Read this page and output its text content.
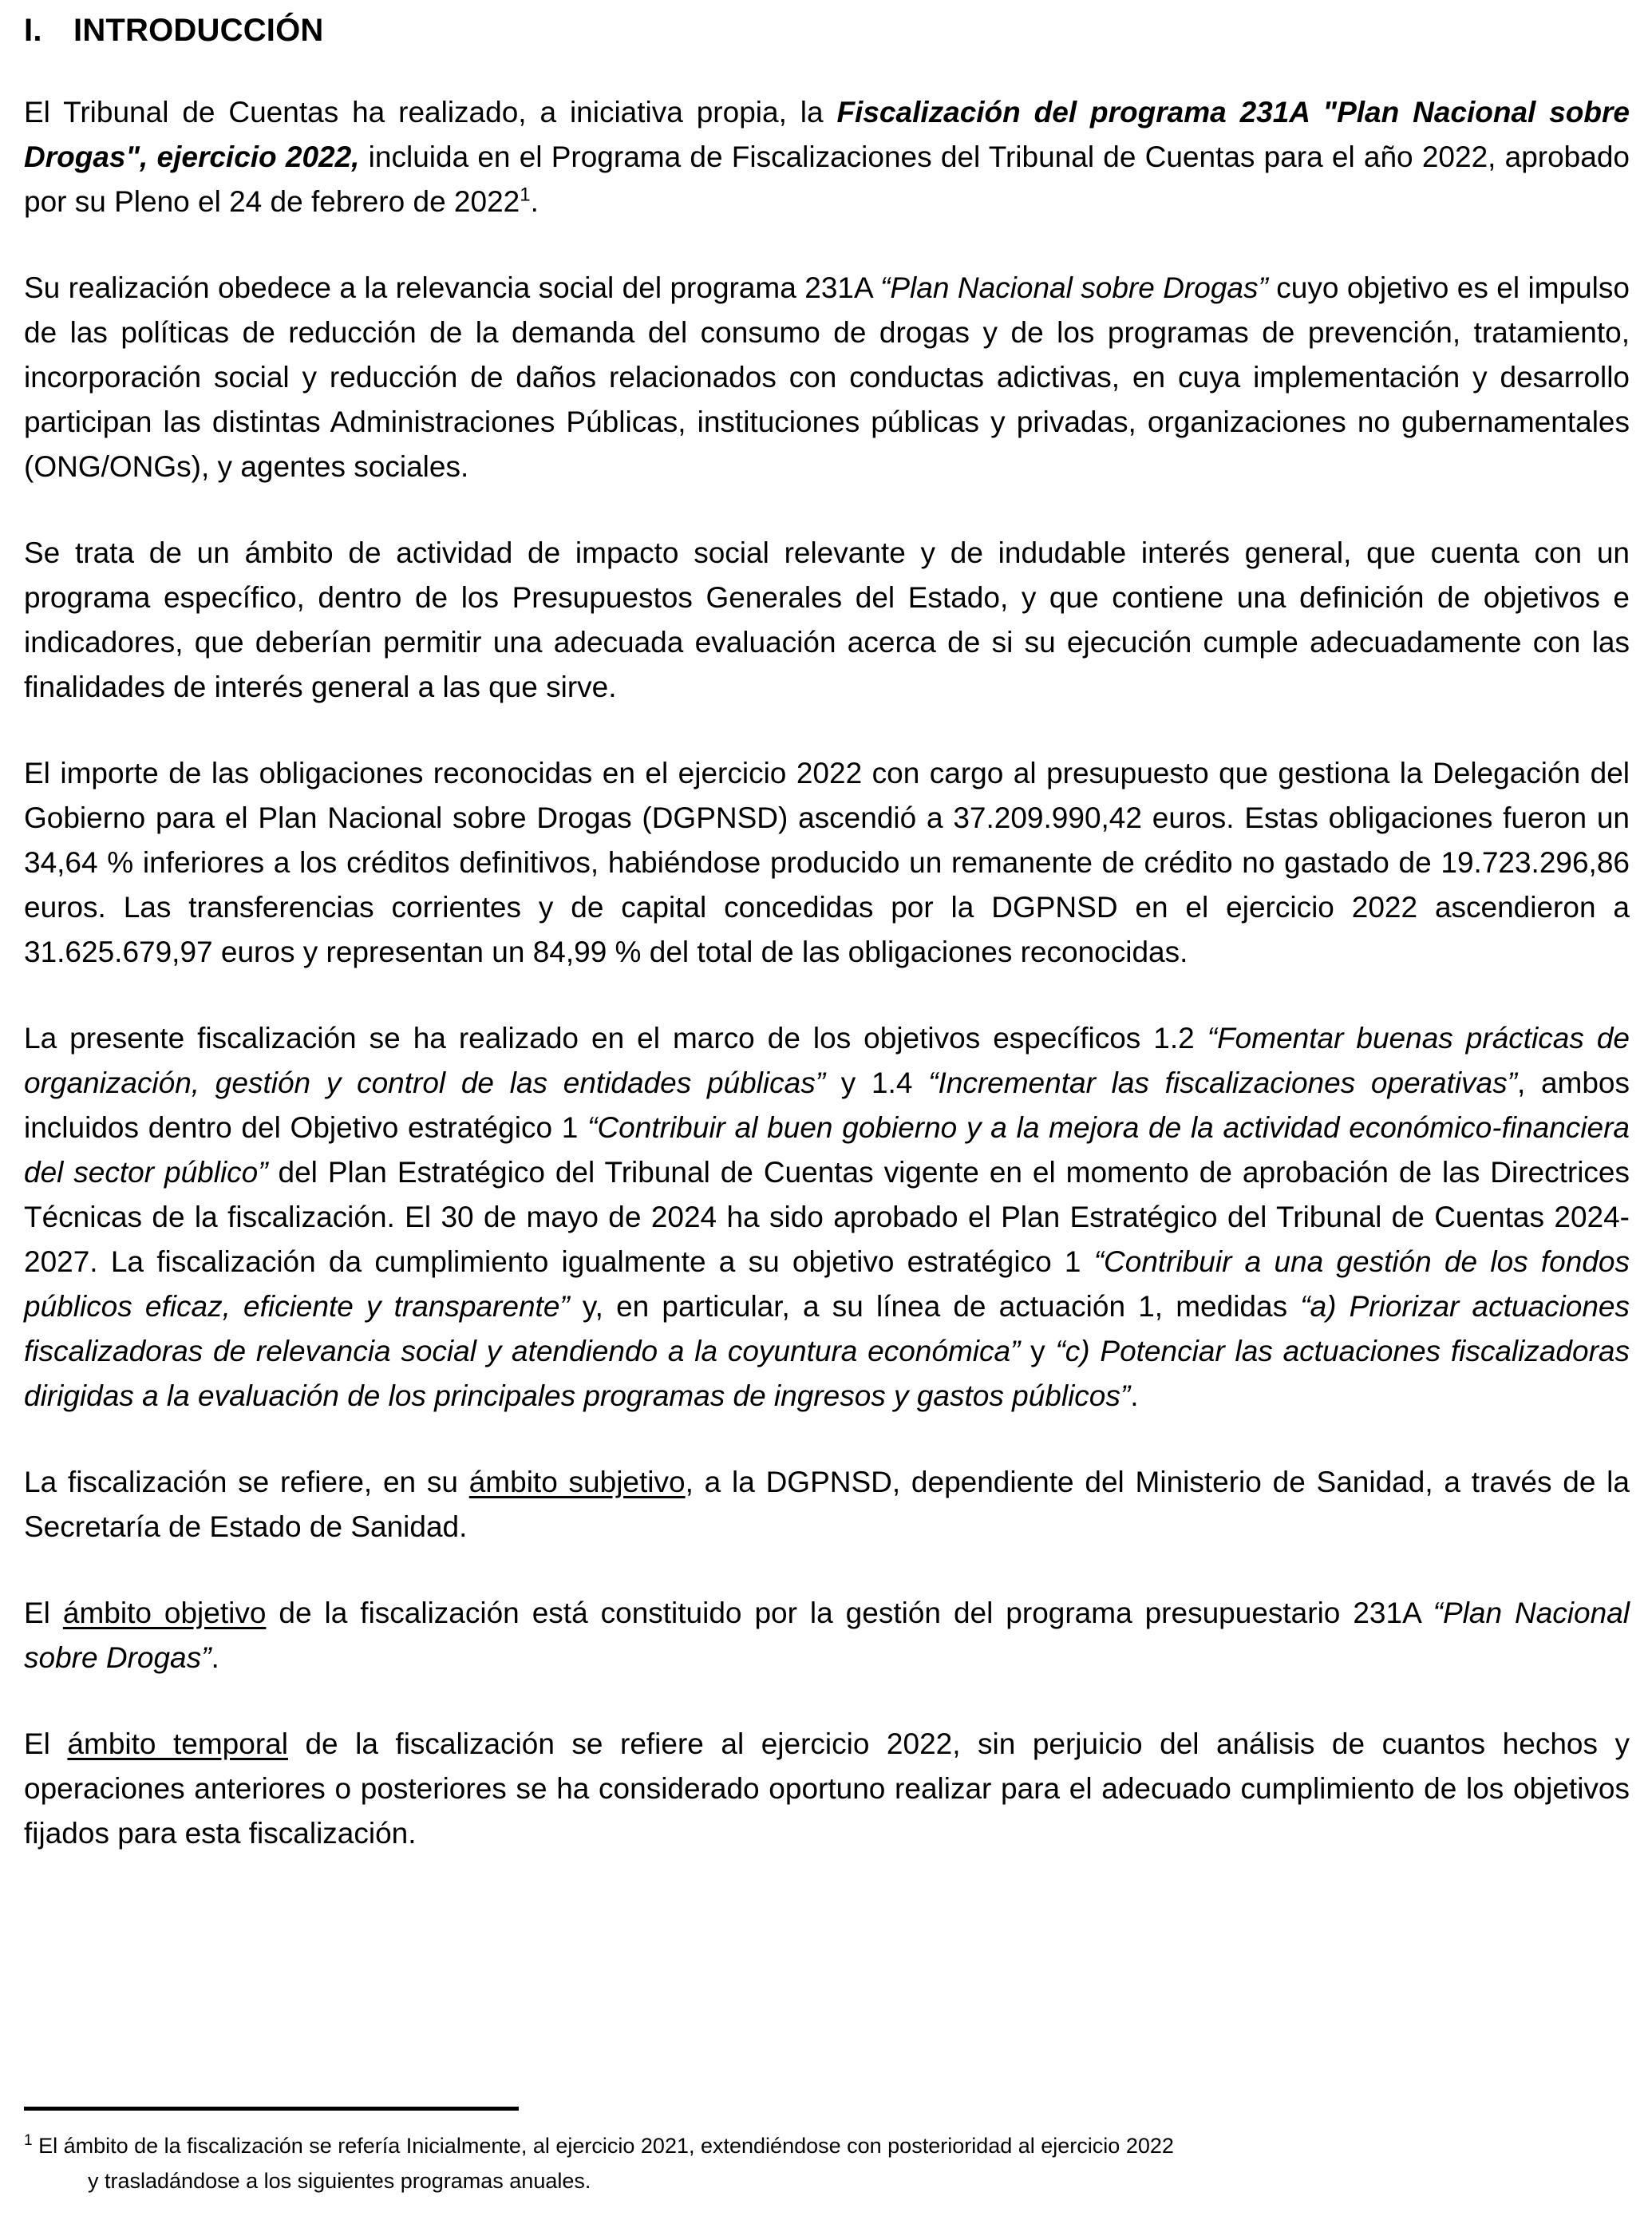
I. INTRODUCCIÓN

El Tribunal de Cuentas ha realizado, a iniciativa propia, la Fiscalización del programa 231A "Plan Nacional sobre Drogas", ejercicio 2022, incluida en el Programa de Fiscalizaciones del Tribunal de Cuentas para el año 2022, aprobado por su Pleno el 24 de febrero de 2022$^1$.

Su realización obedece a la relevancia social del programa 231A “Plan Nacional sobre Drogas” cuyo objetivo es el impulso de las políticas de reducción de la demanda del consumo de drogas y de los programas de prevención, tratamiento, incorporación social y reducción de daños relacionados con conductas adictivas, en cuya implementación y desarrollo participan las distintas Administraciones Públicas, instituciones públicas y privadas, organizaciones no gubernamentales (ONG/ONGs), y agentes sociales.

Se trata de un ámbito de actividad de impacto social relevante y de indudable interés general, que cuenta con un programa específico, dentro de los Presupuestos Generales del Estado, y que contiene una definición de objetivos e indicadores, que deberían permitir una adecuada evaluación acerca de si su ejecución cumple adecuadamente con las finalidades de interés general a las que sirve.

El importe de las obligaciones reconocidas en el ejercicio 2022 con cargo al presupuesto que gestiona la Delegación del Gobierno para el Plan Nacional sobre Drogas (DGPNSD) ascendió a 37.209.990,42 euros. Estas obligaciones fueron un 34,64 % inferiores a los créditos definitivos, habiéndose producido un remanente de crédito no gastado de 19.723.296,86 euros. Las transferencias corrientes y de capital concedidas por la DGPNSD en el ejercicio 2022 ascendieron a 31.625.679,97 euros y representan un 84,99 % del total de las obligaciones reconocidas.

La presente fiscalización se ha realizado en el marco de los objetivos específicos 1.2 “Fomentar buenas prácticas de organización, gestión y control de las entidades públicas” y 1.4 “Incrementar las fiscalizaciones operativas”, ambos incluidos dentro del Objetivo estratégico 1 “Contribuir al buen gobierno y a la mejora de la actividad económico-financiera del sector público” del Plan Estratégico del Tribunal de Cuentas vigente en el momento de aprobación de las Directrices Técnicas de la fiscalización. El 30 de mayo de 2024 ha sido aprobado el Plan Estratégico del Tribunal de Cuentas 2024-2027. La fiscalización da cumplimiento igualmente a su objetivo estratégico 1 “Contribuir a una gestión de los fondos públicos eficaz, eficiente y transparente” y, en particular, a su línea de actuación 1, medidas “a) Priorizar actuaciones fiscalizadoras de relevancia social y atendiendo a la coyuntura económica” y “c) Potenciar las actuaciones fiscalizadoras dirigidas a la evaluación de los principales programas de ingresos y gastos públicos”.

La fiscalización se refiere, en su ámbito subjetivo, a la DGPNSD, dependiente del Ministerio de Sanidad, a través de la Secretaría de Estado de Sanidad.

El ámbito objetivo de la fiscalización está constituido por la gestión del programa presupuestario 231A “Plan Nacional sobre Drogas”.

El ámbito temporal de la fiscalización se refiere al ejercicio 2022, sin perjuicio del análisis de cuantos hechos y operaciones anteriores o posteriores se ha considerado oportuno realizar para el adecuado cumplimiento de los objetivos fijados para esta fiscalización.

$^1$ El ámbito de la fiscalización se refería Inicialmente, al ejercicio 2021, extendiéndose con posterioridad al ejercicio 2022
y trasladándose a los siguientes programas anuales.
